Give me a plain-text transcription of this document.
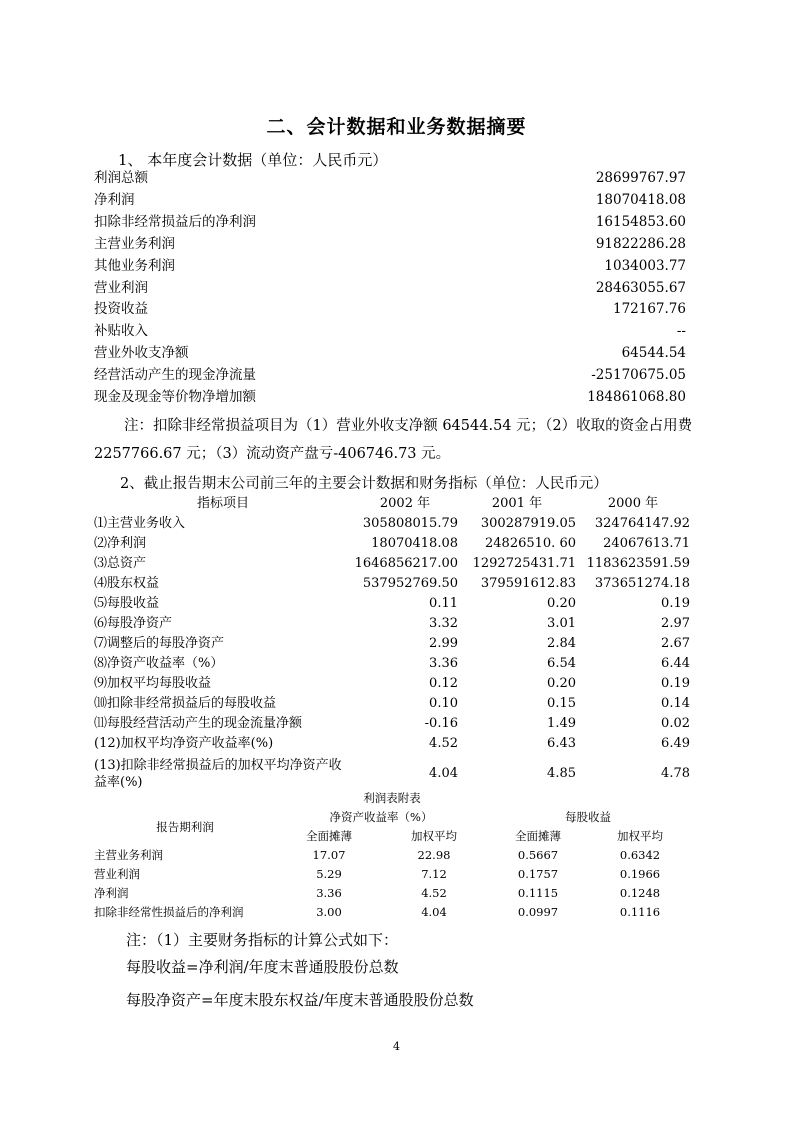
二、会计数据和业务数据摘要
1、 本年度会计数据（单位：人民币元）
利润总额	28699767.97
净利润	18070418.08
扣除非经常损益后的净利润	16154853.60
主营业务利润	91822286.28
其他业务利润	1034003.77
营业利润	28463055.67
投资收益	172167.76
补贴收入	--
营业外收支净额	64544.54
经营活动产生的现金净流量	-25170675.05
现金及现金等价物净增加额	184861068.80
注：扣除非经常损益项目为（1）营业外收支净额 64544.54 元；（2）收取的资金占用费 2257766.67 元；（3）流动资产盘亏-406746.73 元。
2、截止报告期末公司前三年的主要会计数据和财务指标（单位：人民币元）
指标项目	2002 年	2001 年	2000 年
⑴主营业务收入	305808015.79	300287919.05	324764147.92
⑵净利润	18070418.08	24826510. 60	24067613.71
⑶总资产	1646856217.00	1292725431.71	1183623591.59
⑷股东权益	537952769.50	379591612.83	373651274.18
⑸每股收益	0.11	0.20	0.19
⑹每股净资产	3.32	3.01	2.97
⑺调整后的每股净资产	2.99	2.84	2.67
⑻净资产收益率（%）	3.36	6.54	6.44
⑼加权平均每股收益	0.12	0.20	0.19
⑽扣除非经常损益后的每股收益	0.10	0.15	0.14
⑾每股经营活动产生的现金流量净额	-0.16	1.49	0.02
(12)加权平均净资产收益率(%)	4.52	6.43	6.49
(13)扣除非经常损益后的加权平均净资产收益率(%)	4.04	4.85	4.78
利润表附表				
报告期利润	净资产收益率（%）		每股收益	
	全面摊薄	加权平均	全面摊薄	加权平均
主营业务利润	17.07	22.98	0.5667	0.6342
营业利润	5.29	7.12	0.1757	0.1966
净利润	3.36	4.52	0.1115	0.1248
扣除非经常性损益后的净利润	3.00	4.04	0.0997	0.1116
注：（1）主要财务指标的计算公式如下：
每股收益=净利润/年度末普通股股份总数
每股净资产=年度末股东权益/年度末普通股股份总数
4
